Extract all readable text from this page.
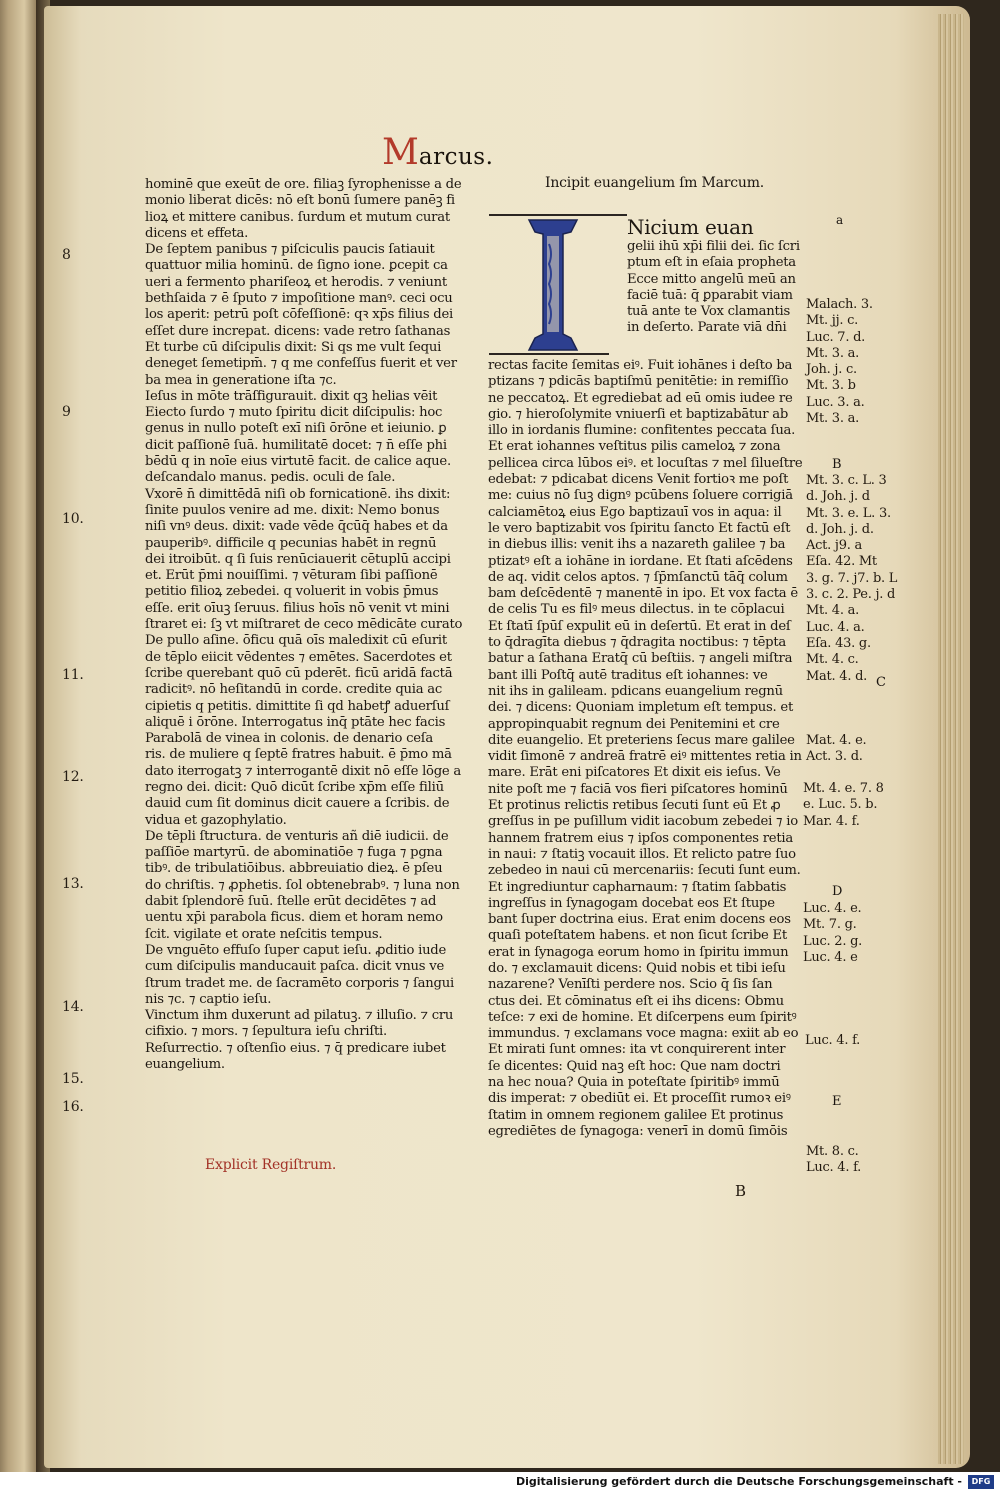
Marcus.
hominē que exeūt de ore. filiaꝫ ſyrophenisse a de
monio liberat dicēs: nō eſt bonū ſumere panēꝫ fi
lioꝝ et mittere canibus. ſurdum et mutum curat
dicens et effeta.
De ſeptem panibus ⁊ piſciculis paucis ſatiauit
quattuor milia hominū. de ſigno ione. ꝑcepit ca
ueri a fermento phariſeoꝝ et herodis. ⁊ veniunt
bethſaida ⁊ ē ſputo ⁊ impoſitione manꝰ. ceci ocu
los aperit: petrū poſt cōfeſſionē: qꝛ xp̄s filius dei
eſſet dure increpat. dicens: vade retro ſathanas
Et turbe cū diſcipulis dixit: Si qs me vult ſequi
deneget ſemetipm̄. ⁊ q me confeſſus fuerit et ver
ba mea in generatione iſta ⁊c.
Ieſus in mōte trāſfigurauit. dixit qꝫ helias vēit
Eiecto ſurdo ⁊ muto ſpiritu dicit diſcipulis: hoc
genus in nullo poteſt exī niſi ōrōne et ieiunio. ꝑ
dicit paſſionē ſuā. humilitatē docet: ⁊ n̄ eſſe phi
bēdū q in noīe eius virtutē facit. de calice aque.
deſcandalo manus. pedis. oculi de ſale.
Vxorē n̄ dimittēdā niſi ob fornicationē. ihs dixit:
ſinite puulos venire ad me. dixit: Nemo bonus
niſi vnꝰ deus. dixit: vade vēde q̄cūq̄ habes et da
pauperibꝰ. difficile q pecunias habēt in regnū
dei itroibūt. q ſi ſuis renūciauerit cētuplū accipi
et. Erūt p̄mi nouiſſimi. ⁊ vēturam ſibi paſſionē
petitio filioꝝ zebedei. q voluerit in vobis p̄mus
eſſe. erit oīuꝫ ſeruus. filius hoīs nō venit vt mini
ſtraret ei: ſꝫ vt miſtraret de ceco mēdicāte curato
De pullo aſine. ōficu quā oīs maledixit cū eſurit
de tēplo eiicit vēdentes ⁊ emētes. Sacerdotes et
ſcribe querebant quō cū pderēt. ficū aridā factā
radicitꝰ. nō heſitandū in corde. credite quia ac
cipietis q petitis. dimittite ſi qd habetꝭ aduerſuſ
aliquē i ōrōne. Interrogatus inq̄ ptāte hec facis
Parabolā de vinea in colonis. de denario ceſa
ris. de muliere q ſeptē fratres habuit. ē p̄mo mā
dato iterrogatꝫ ⁊ interrogantē dixit nō eſſe lōge a
regno dei. dicit: Quō dicūt ſcribe xp̄m eſſe filiū
dauid cum ſit dominus dicit cauere a ſcribis. de
vidua et gazophylatio.
De tēpli ſtructura. de venturis añ diē iudicii. de
paſſiōe martyrū. de abominatiōe ⁊ fuga ⁊ pgna
tibꝰ. de tribulatiōibus. abbreuiatio dieꝝ. ē pſeu
do chriſtis. ⁊ ꝓphetis. ſol obtenebrabꝰ. ⁊ luna non
dabit ſplendorē ſuū. ſtelle erūt decidētes ⁊ ad
uentu xp̄i parabola ficus. diem et horam nemo
ſcit. vigilate et orate neſcitis tempus.
De vnguēto effuſo ſuper caput ieſu. ꝓditio iude
cum diſcipulis manducauit paſca. dicit vnus ve
ſtrum tradet me. de ſacramēto corporis ⁊ ſangui
nis ⁊c. ⁊ captio ieſu.
Vinctum ihm duxerunt ad pilatuꝫ. ⁊ illuſio. ⁊ cru
cifixio. ⁊ mors. ⁊ ſepultura ieſu chriſti.
Reſurrectio. ⁊ oſtenſio eius. ⁊ q̄ predicare iubet
euangelium.
8
9
10.
11.
12.
13.
14.
15.
16.
Explicit Regiſtrum.
Incipit euangelium ſm Marcum.
Nicium euan
gelii ihū xp̄i filii dei. ſic ſcri
ptum eſt in eſaia propheta
Ecce mitto angelū meū an
faciē tuā: q̄ ꝑparabit viam
tuā ante te Vox clamantis
in deſerto. Parate viā dn̄i
rectas facite ſemitas eiꝰ. Fuit iohānes i deſto ba
ptizans ⁊ pdicās baptiſmū penitētie: in remiſſio
ne peccatoꝝ. Et egrediebat ad eū omis iudee re
gio. ⁊ hieroſolymite vniuerſi et baptizabātur ab
illo in iordanis flumine: confitentes peccata ſua.
Et erat iohannes veſtitus pilis cameloꝝ ⁊ zona
pellicea circa lūbos eiꝰ. et locuſtas ⁊ mel ſilueſtre
edebat: ⁊ pdicabat dicens Venit fortioꝛ me poſt
me: cuius nō ſuꝫ dignꝰ pcūbens ſoluere corrigiā
calciamētoꝝ eius Ego baptizauī vos in aqua: il
le vero baptizabit vos ſpiritu ſancto Et factū eſt
in diebus illis: venit ihs a nazareth galilee ⁊ ba
ptizatꝰ eſt a iohāne in iordane. Et ſtati aſcēdens
de aq. vidit celos aptos. ⁊ ſp̄mſanctū tāq̄ colum
bam deſcēdentē ⁊ manentē in ipo. Et vox facta ē
de celis Tu es filꝰ meus dilectus. in te cōplacui
Et ſtatī ſpūſ expulit eū in deſertū. Et erat in deſ
to q̄dragīta diebus ⁊ q̄dragita noctibus: ⁊ tēpta
batur a ſathana Eratq̄ cū beſtiis. ⁊ angeli miſtra
bant illi Poſtq̄ autē traditus eſt iohannes: ve
nit ihs in galileam. pdicans euangelium regnū
dei. ⁊ dicens: Quoniam impletum eſt tempus. et
appropinquabit regnum dei Penitemini et cre
dite euangelio. Et preteriens ſecus mare galilee
vidit ſimonē ⁊ andreā fratrē eiꝰ mittentes retia in
mare. Erāt eni piſcatores Et dixit eis ieſus. Ve
nite poſt me ⁊ faciā vos fieri piſcatores hominū
Et protinus relictis retibus ſecuti ſunt eū Et ꝓ
greſſus in pe puſillum vidit iacobum zebedei ⁊ io
hannem fratrem eius ⁊ ipſos componentes retia
in naui: ⁊ ſtatiꝫ vocauit illos. Et relicto patre ſuo
zebedeo in naui cū mercenariis: ſecuti ſunt eum.
Et ingrediuntur capharnaum: ⁊ ſtatim ſabbatis
ingreſſus in ſynagogam docebat eos Et ſtupe
bant ſuper doctrina eius. Erat enim docens eos
quaſi poteſtatem habens. et non ſicut ſcribe Et
erat in ſynagoga eorum homo in ſpiritu immun
do. ⁊ exclamauit dicens: Quid nobis et tibi ieſu
nazarene? Venīſti perdere nos. Scio q̄ ſis ſan
ctus dei. Et cōminatus eſt ei ihs dicens: Obmu
teſce: ⁊ exi de homine. Et diſcerpens eum ſpiritꝰ
immundus. ⁊ exclamans voce magna: exiit ab eo
Et mirati ſunt omnes: ita vt conquirerent inter
ſe dicentes: Quid naꝫ eſt hoc: Que nam doctri
na hec noua? Quia in poteſtate ſpiritibꝰ immū
dis imperat: ⁊ obediūt ei. Et proceſſit rumoꝛ eiꝰ
ſtatim in omnem regionem galilee Et protinus
egrediētes de ſynagoga: venerī in domū ſimōis
B
a
Malach. 3.
Mt. jj. c.
Luc. 7. d.
Mt. 3. a.
Joh. j. c.
Mt. 3. b
Luc. 3. a.
Mt. 3. a.
B
Mt. 3. c. L. 3
d. Joh. j. d
Mt. 3. e. L. 3.
d. Joh. j. d.
Act. j9. a
Eſa. 42. Mt
3. g. 7. j7. b. L
3. c. 2. Pe. j. d
Mt. 4. a.
Luc. 4. a.
Eſa. 43. g.
Mt. 4. c.
Mat. 4. d. C
Mat. 4. e.
Act. 3. d.
Mt. 4. e. 7. 8
e. Luc. 5. b.
Mar. 4. f.
D
Luc. 4. e.
Mt. 7. g.
Luc. 2. g.
Luc. 4. e
Luc. 4. f.
E
Mt. 8. c.
Luc. 4. f.
Digitalisierung gefördert durch die Deutsche Forschungsgemeinschaft -	DFG
